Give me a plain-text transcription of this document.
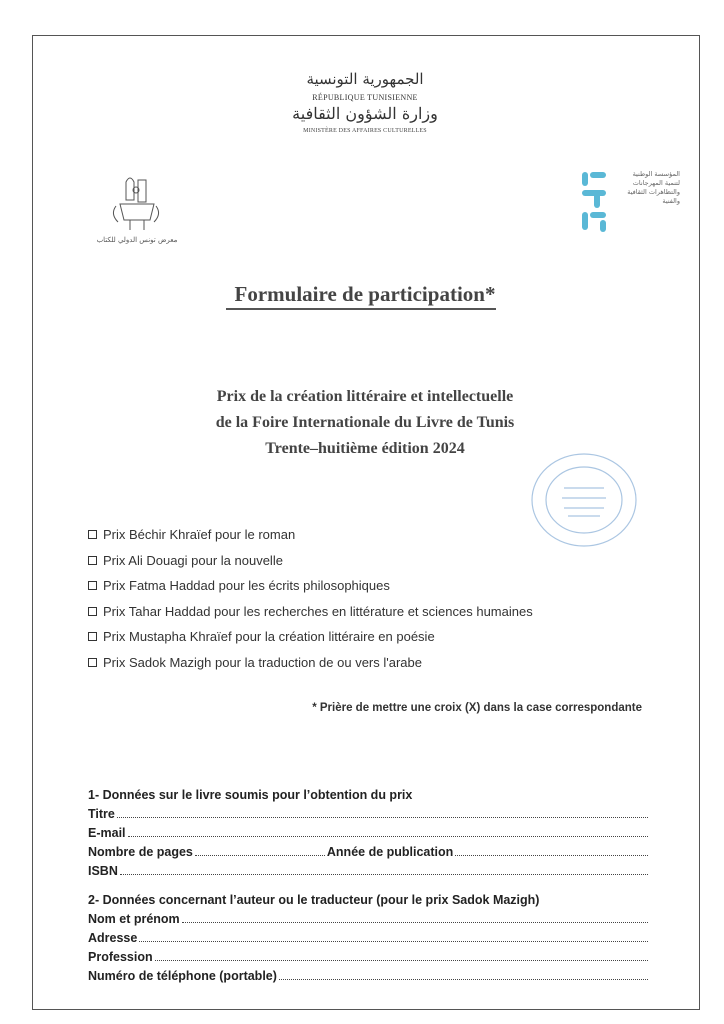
الجمهورية التونسية
RÉPUBLIQUE TUNISIENNE
وزارة الشؤون الثقافية
MINISTÈRE DES AFFAIRES CULTURELLES
معرض تونس الدولي للكتاب
المؤسسة الوطنية لتنمية المهرجانات والتظاهرات الثقافية والفنية
Formulaire de participation*
Prix de la création littéraire et intellectuelle
de la Foire Internationale du Livre de Tunis
Trente–huitième édition 2024
Prix Béchir Khraïef pour le roman
Prix Ali Douagi pour la nouvelle
Prix Fatma Haddad pour les écrits philosophiques
Prix Tahar Haddad pour les recherches en littérature et sciences humaines
Prix Mustapha Khraïef pour la création littéraire en poésie
Prix Sadok Mazigh pour la traduction de ou vers l'arabe
* Prière de mettre une croix (X) dans la case correspondante
1- Données sur le livre soumis pour l’obtention du prix
Titre
E-mail
Nombre de pages	Année de publication
ISBN
2- Données concernant l’auteur ou le traducteur (pour le prix Sadok Mazigh)
Nom et prénom
Adresse
Profession
Numéro de téléphone (portable)
